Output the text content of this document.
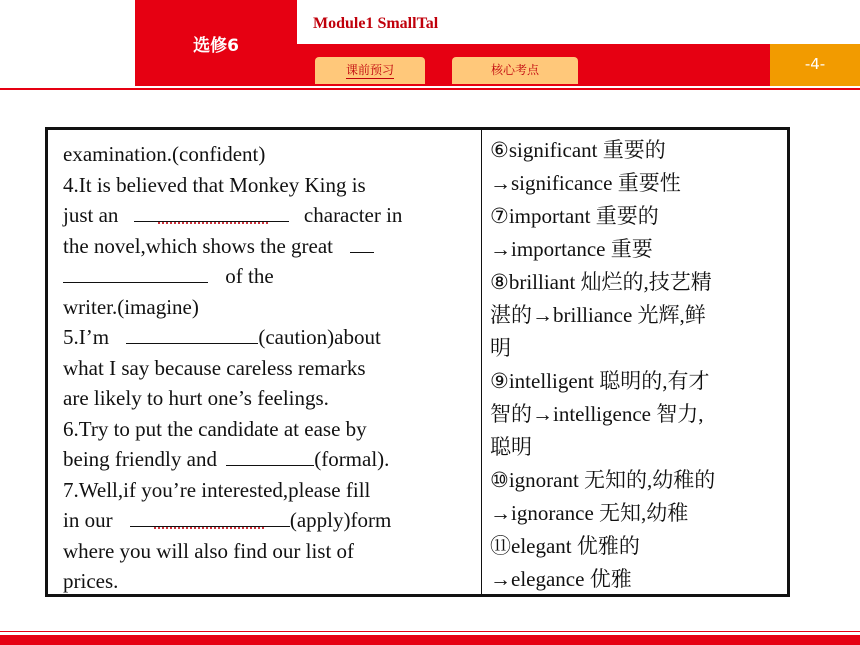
选修6
Module1 SmallTal
课前预习	核心考点	-4-
examination.(confident)
4.It is believed that Monkey King is
just an	character in
the novel,which shows the great
of the
writer.(imagine)
5.I’m	(caution)about
what I say because careless remarks
are likely to hurt one’s feelings.
6.Try to put the candidate at ease by
being friendly and	(formal).
7.Well,if you’re interested,please fill
in our	(apply)form
where you will also find our list of
prices.
⑥significant 重要的
→significance 重要性
⑦important 重要的
→importance 重要
⑧brilliant 灿烂的,技艺精
湛的→brilliance 光辉,鲜
明
⑨intelligent 聪明的,有才
智的→intelligence 智力,
聪明
⑩ignorant 无知的,幼稚的
→ignorance 无知,幼稚
⑪elegant 优雅的
→elegance 优雅
